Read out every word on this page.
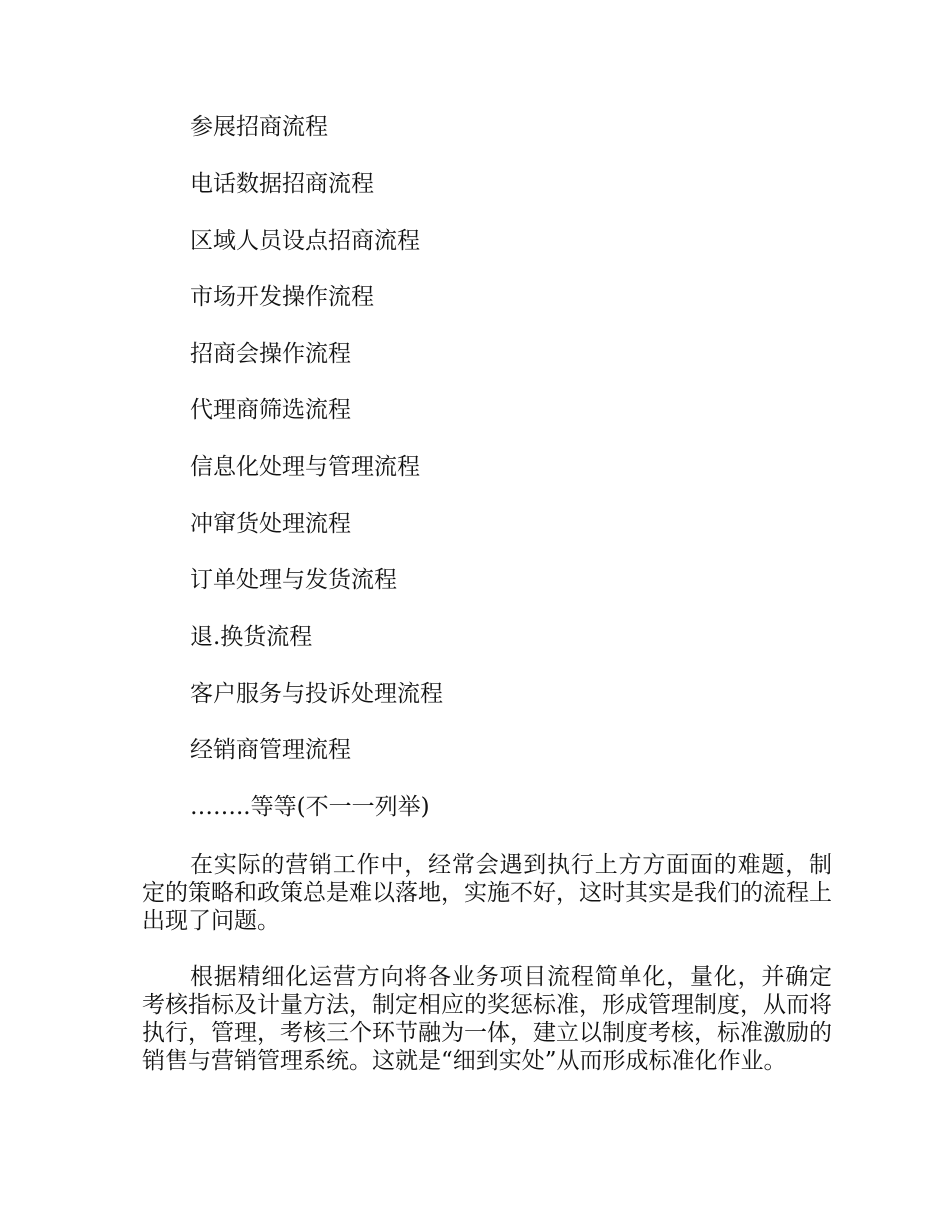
参展招商流程
电话数据招商流程
区域人员设点招商流程
市场开发操作流程
招商会操作流程
代理商筛选流程
信息化处理与管理流程
冲窜货处理流程
订单处理与发货流程
退.换货流程
客户服务与投诉处理流程
经销商管理流程
……..等等(不一一列举)

在实际的营销工作中，经常会遇到执行上方方面面的难题，制定的策略和政策总是难以落地，实施不好，这时其实是我们的流程上出现了问题。

根据精细化运营方向将各业务项目流程简单化，量化，并确定考核指标及计量方法，制定相应的奖惩标准，形成管理制度，从而将执行，管理，考核三个环节融为一体，建立以制度考核，标准激励的销售与营销管理系统。这就是“细到实处”从而形成标准化作业。
